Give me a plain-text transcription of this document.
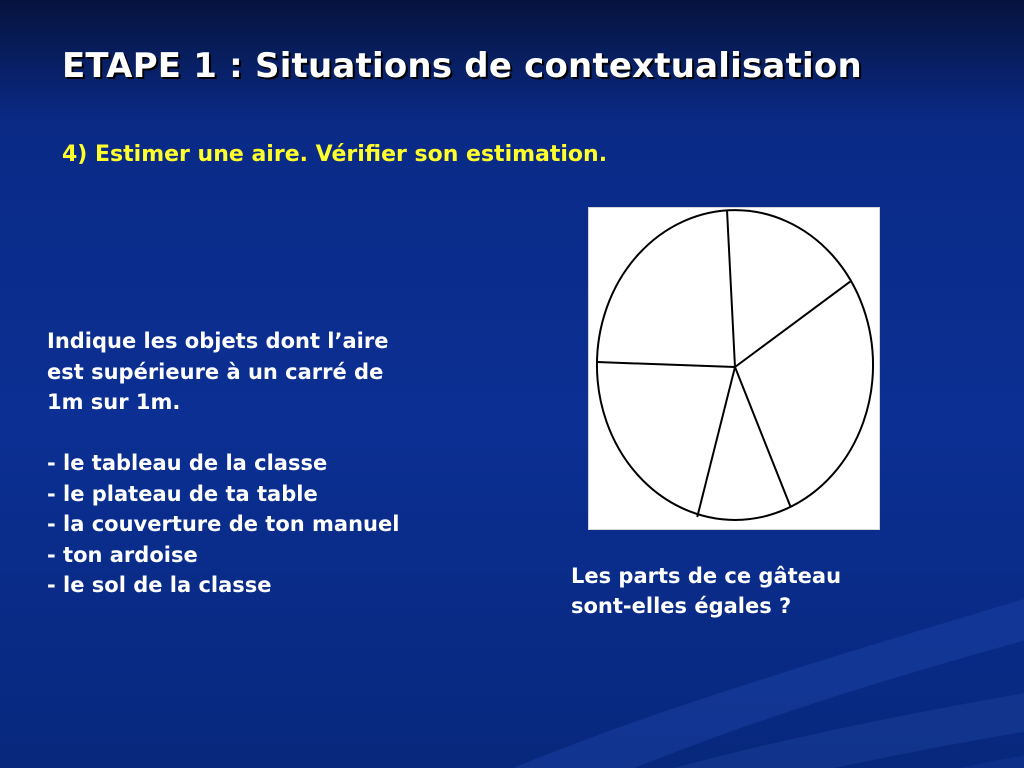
ETAPE 1 : Situations de contextualisation

4) Estimer une aire. Vérifier son estimation.

Indique les objets dont l’aire
est supérieure à un carré de
1m sur 1m.

- le tableau de la classe
- le plateau de ta table
- la couverture de ton manuel
- ton ardoise
- le sol de la classe	Les parts de ce gâteau
sont-elles égales ?
